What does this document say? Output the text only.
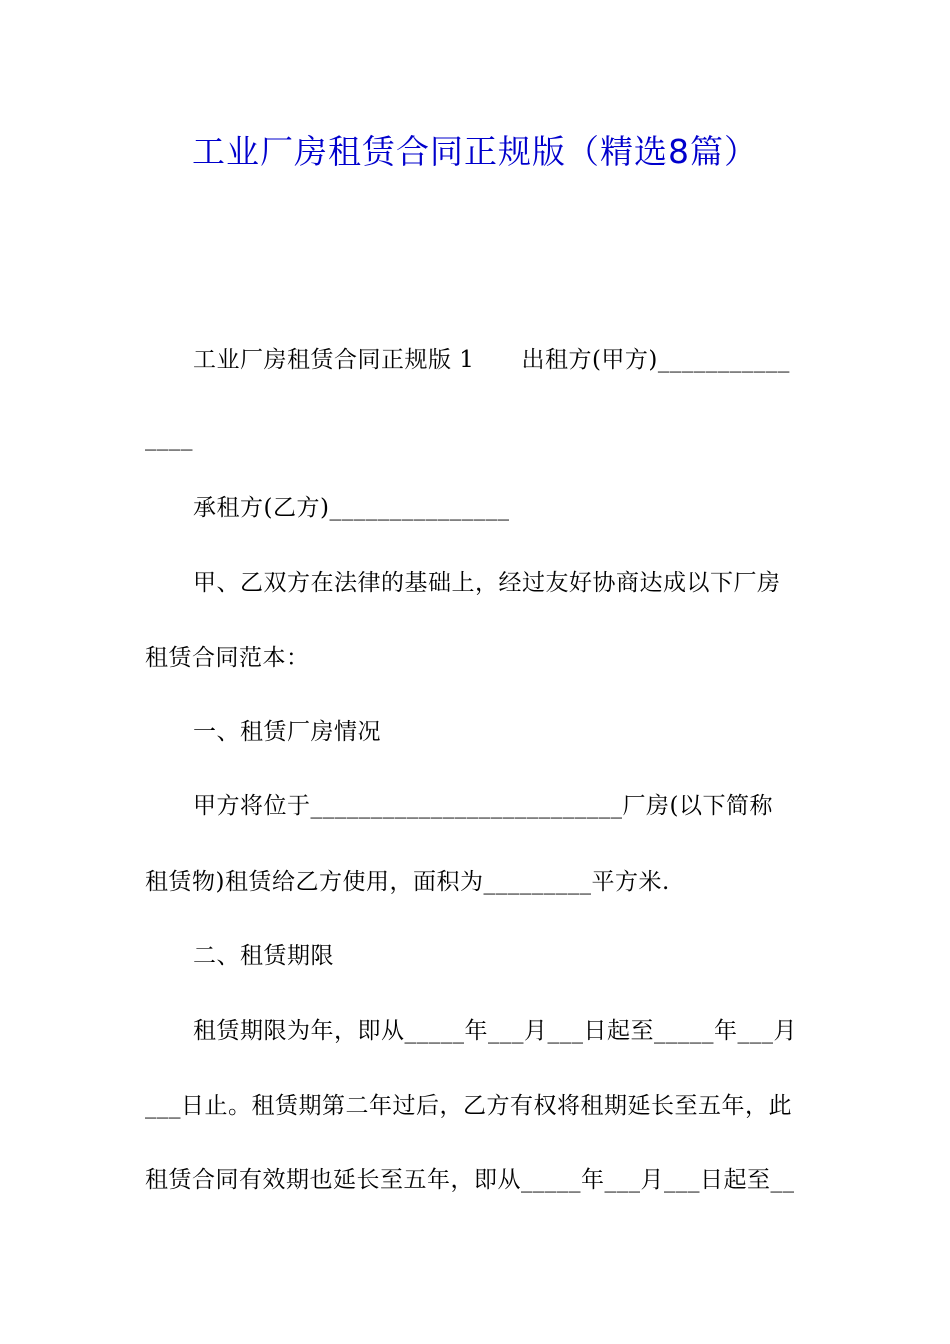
工业厂房租赁合同正规版（精选8篇）
工业厂房租赁合同正规版 1　　出租方(甲方)___________
____
承租方(乙方)_______________
甲、乙双方在法律的基础上，经过友好协商达成以下厂房
租赁合同范本：
一、租赁厂房情况
甲方将位于__________________________厂房(以下简称
租赁物)租赁给乙方使用，面积为_________平方米.
二、租赁期限
租赁期限为年，即从_____年___月___日起至_____年___月
___日止。租赁期第二年过后，乙方有权将租期延长至五年，此
租赁合同有效期也延长至五年，即从_____年___月___日起至__
